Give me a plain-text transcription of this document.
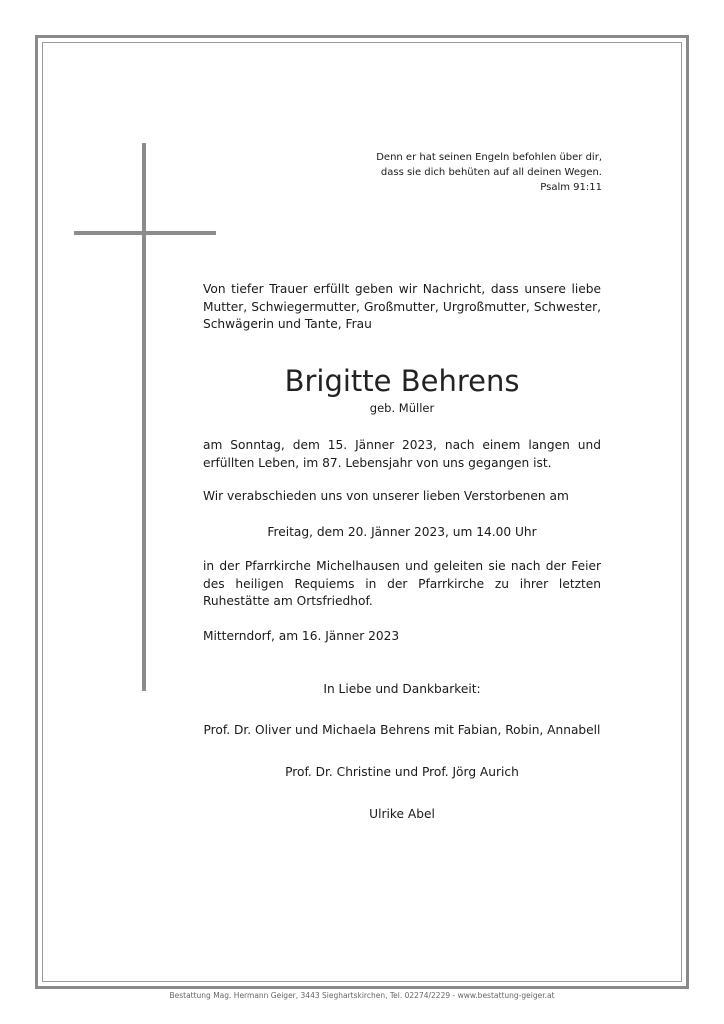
Denn er hat seinen Engeln befohlen über dir,
dass sie dich behüten auf all deinen Wegen.
Psalm 91:11
Von tiefer Trauer erfüllt geben wir Nachricht, dass unsere liebe Mutter, Schwiegermutter, Großmutter, Urgroßmutter, Schwester, Schwägerin und Tante, Frau
Brigitte Behrens
geb. Müller
am Sonntag, dem 15. Jänner 2023, nach einem langen und erfüllten Leben, im 87. Lebensjahr von uns gegangen ist.
Wir verabschieden uns von unserer lieben Verstorbenen am
Freitag, dem 20. Jänner 2023, um 14.00 Uhr
in der Pfarrkirche Michelhausen und geleiten sie nach der Feier des heiligen Requiems in der Pfarrkirche zu ihrer letzten Ruhestätte am Ortsfriedhof.
Mitterndorf, am 16. Jänner 2023
In Liebe und Dankbarkeit:
Prof. Dr. Oliver und Michaela Behrens mit Fabian, Robin, Annabell
Prof. Dr. Christine und Prof. Jörg Aurich
Ulrike Abel
Bestattung Mag. Hermann Geiger, 3443 Sieghartskirchen, Tel. 02274/2229 - www.bestattung-geiger.at
